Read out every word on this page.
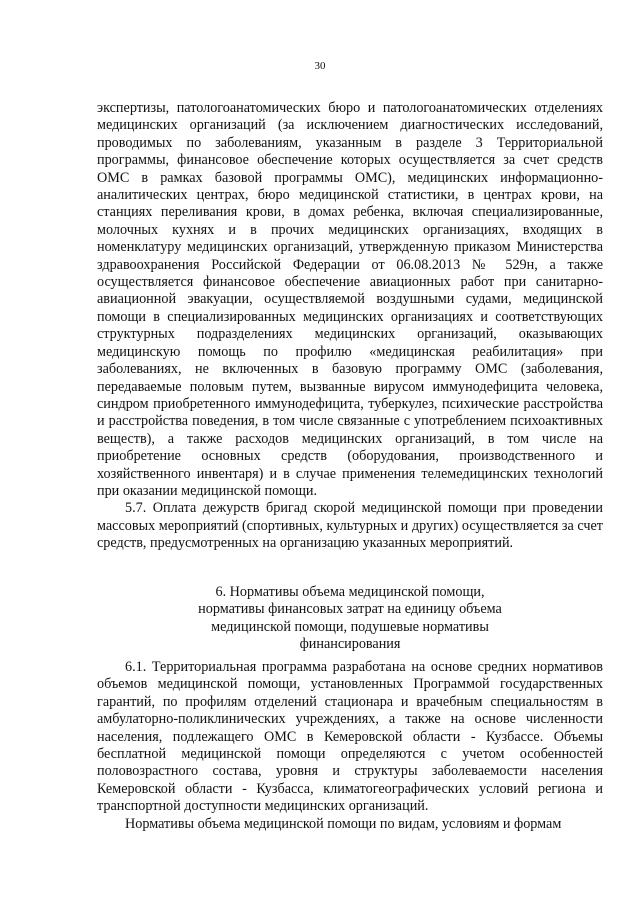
30

экспертизы, патологоанатомических бюро и патологоанатомических отделениях медицинских организаций (за исключением диагностических исследований, проводимых по заболеваниям, указанным в разделе 3 Территориальной программы, финансовое обеспечение которых осуществляется за счет средств ОМС в рамках базовой программы ОМС), медицинских информационно-аналитических центрах, бюро медицинской статистики, в центрах крови, на станциях переливания крови, в домах ребенка, включая специализированные, молочных кухнях и в прочих медицинских организациях, входящих в номенклатуру медицинских организаций, утвержденную приказом Министерства здравоохранения Российской Федерации от 06.08.2013 № 529н, а также осуществляется финансовое обеспечение авиационных работ при санитарно-авиационной эвакуации, осуществляемой воздушными судами, медицинской помощи в специализированных медицинских организациях и соответствующих структурных подразделениях медицинских организаций, оказывающих медицинскую помощь по профилю «медицинская реабилитация» при заболеваниях, не включенных в базовую программу ОМС (заболевания, передаваемые половым путем, вызванные вирусом иммунодефицита человека, синдром приобретенного иммунодефицита, туберкулез, психические расстройства и расстройства поведения, в том числе связанные с употреблением психоактивных веществ), а также расходов медицинских организаций, в том числе на приобретение основных средств (оборудования, производственного и хозяйственного инвентаря) и в случае применения телемедицинских технологий при оказании медицинской помощи.

5.7. Оплата дежурств бригад скорой медицинской помощи при проведении массовых мероприятий (спортивных, культурных и других) осуществляется за счет средств, предусмотренных на организацию указанных мероприятий.

6. Нормативы объема медицинской помощи,
нормативы финансовых затрат на единицу объема
медицинской помощи, подушевые нормативы
финансирования

6.1. Территориальная программа разработана на основе средних нормативов объемов медицинской помощи, установленных Программой государственных гарантий, по профилям отделений стационара и врачебным специальностям в амбулаторно-поликлинических учреждениях, а также на основе численности населения, подлежащего ОМС в Кемеровской области - Кузбассе. Объемы бесплатной медицинской помощи определяются с учетом особенностей половозрастного состава, уровня и структуры заболеваемости населения Кемеровской области - Кузбасса, климатогеографических условий региона и транспортной доступности медицинских организаций.

Нормативы объема медицинской помощи по видам, условиям и формам
